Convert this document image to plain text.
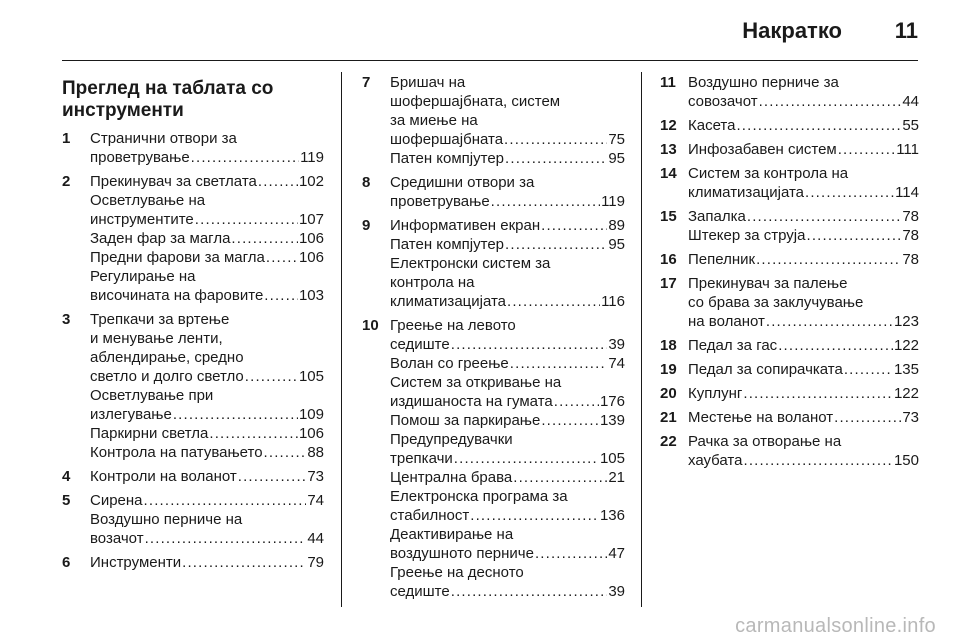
Накратко 11
Преглед на таблата со инструменти
1	Странични отвори за
проветрување . . .	119
2	Прекинувач за светлата . . .	102
Осветлување на
инструментите . . .	107
Заден фар за магла . . .	106
Предни фарови за магла . . . 106
Регулирање на
височината на фаровите . . . 103
3	Трепкачи за вртење
и менување ленти,
аблендирање, средно
светло и долго светло . . .	105
Осветлување при
излегување . . .	109
Паркирни светла . . .	106
Контрола на патувањето . . .	88
4	Контроли на воланот . . .	73
5	Сирена . . .	74
Воздушно перниче на
возачот . . .	44
6	Инструменти . . .	79
7	Бришач на
шофершајбната, систем
за миење на
шофершајбната . . .	75
Патен компјутер . . .	95
8	Средишни отвори за
проветрување . . .	119
9	Информативен екран . . .	89
Патен компјутер . . .	95
Електронски систем за
контрола на
климатизацијата . . .	116
10 Греење на левото
седиште . . .	39
Волан со греење . . .	74
Систем за откривање на
издишаноста на гумата . . .	176
Помош за паркирање . . .	139
Предупредувачки
трепкачи . . .	105
Централна брава . . .	21
Електронска програма за
стабилност . . .	136
Деактивирање на
воздушното перниче . . .	47
Греење на десното
седиште . . .	39
11 Воздушно перниче за
совозачот . . .	44
12 Касета . . .	55
13 Инфозабавен систем . . .	111
14 Систем за контрола на
климатизацијата . . .	114
15 Запалка . . .	78
Штекер за струја . . .	78
16 Пепелник . . .	78
17 Прекинувач за палење
со брава за заклучување
на воланот . . .	123
18 Педал за гас . . .	122
19 Педал за сопирачката . . .	135
20 Куплунг . . .	122
21 Местење на воланот . . .	73
22 Рачка за отворање на
хаубата . . .	150
carmanualsonline.info
